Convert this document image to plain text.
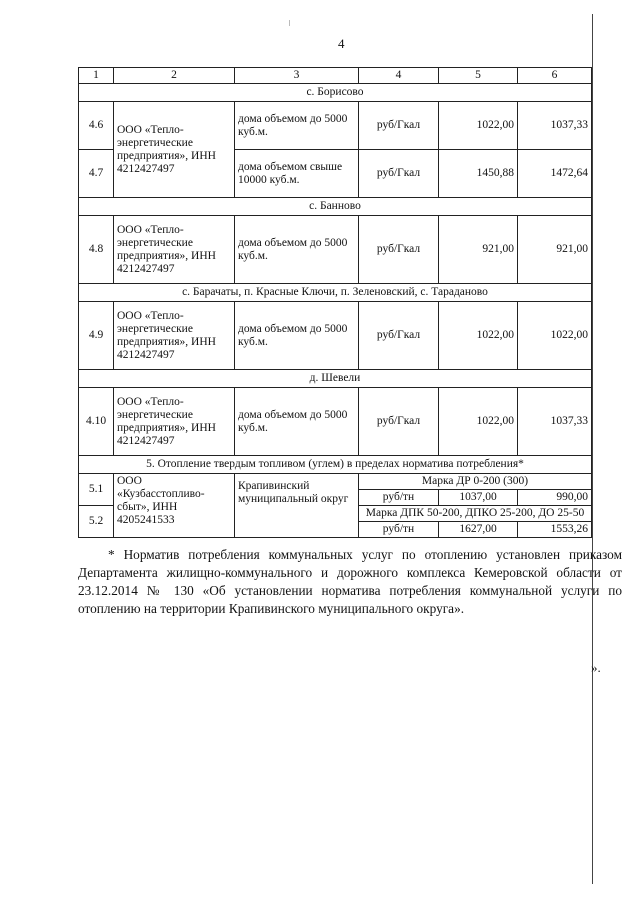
4
1	2	3	4	5	6
с. Борисово					
4.6	ООО «Тепло-энергетические предприятия», ИНН 4212427497	дома объемом до 5000 куб.м.	руб/Гкал	1022,00	1037,33
4.7		дома объемом свыше 10000 куб.м.	руб/Гкал	1450,88	1472,64
с. Банново					
4.8	ООО «Тепло-энергетические предприятия», ИНН 4212427497	дома объемом до 5000 куб.м.	руб/Гкал	921,00	921,00
с. Барачаты, п. Красные Ключи, п. Зеленовский, с. Тараданово					
4.9	ООО «Тепло-энергетические предприятия», ИНН 4212427497	дома объемом до 5000 куб.м.	руб/Гкал	1022,00	1022,00
д. Шевели					
4.10	ООО «Тепло-энергетические предприятия», ИНН 4212427497	дома объемом до 5000 куб.м.	руб/Гкал	1022,00	1037,33
5. Отопление твердым топливом (углем) в пределах норматива потребления*					
5.1	ООО «Кузбасстопливо-сбыт», ИНН 4205241533	Крапивинский муниципальный округ	Марка ДР 0-200 (300)		
			руб/тн	1037,00	990,00
5.2			Марка ДПК 50-200, ДПКО 25-200, ДО 25-50		
			руб/тн	1627,00	1553,26

* Норматив потребления коммунальных услуг по отоплению установлен приказом Департамента жилищно-коммунального и дорожного комплекса Кемеровской области от 23.12.2014 № 130 «Об установлении норматива потребления коммунальной услуги по отоплению на территории Крапивинского муниципального округа».

».
